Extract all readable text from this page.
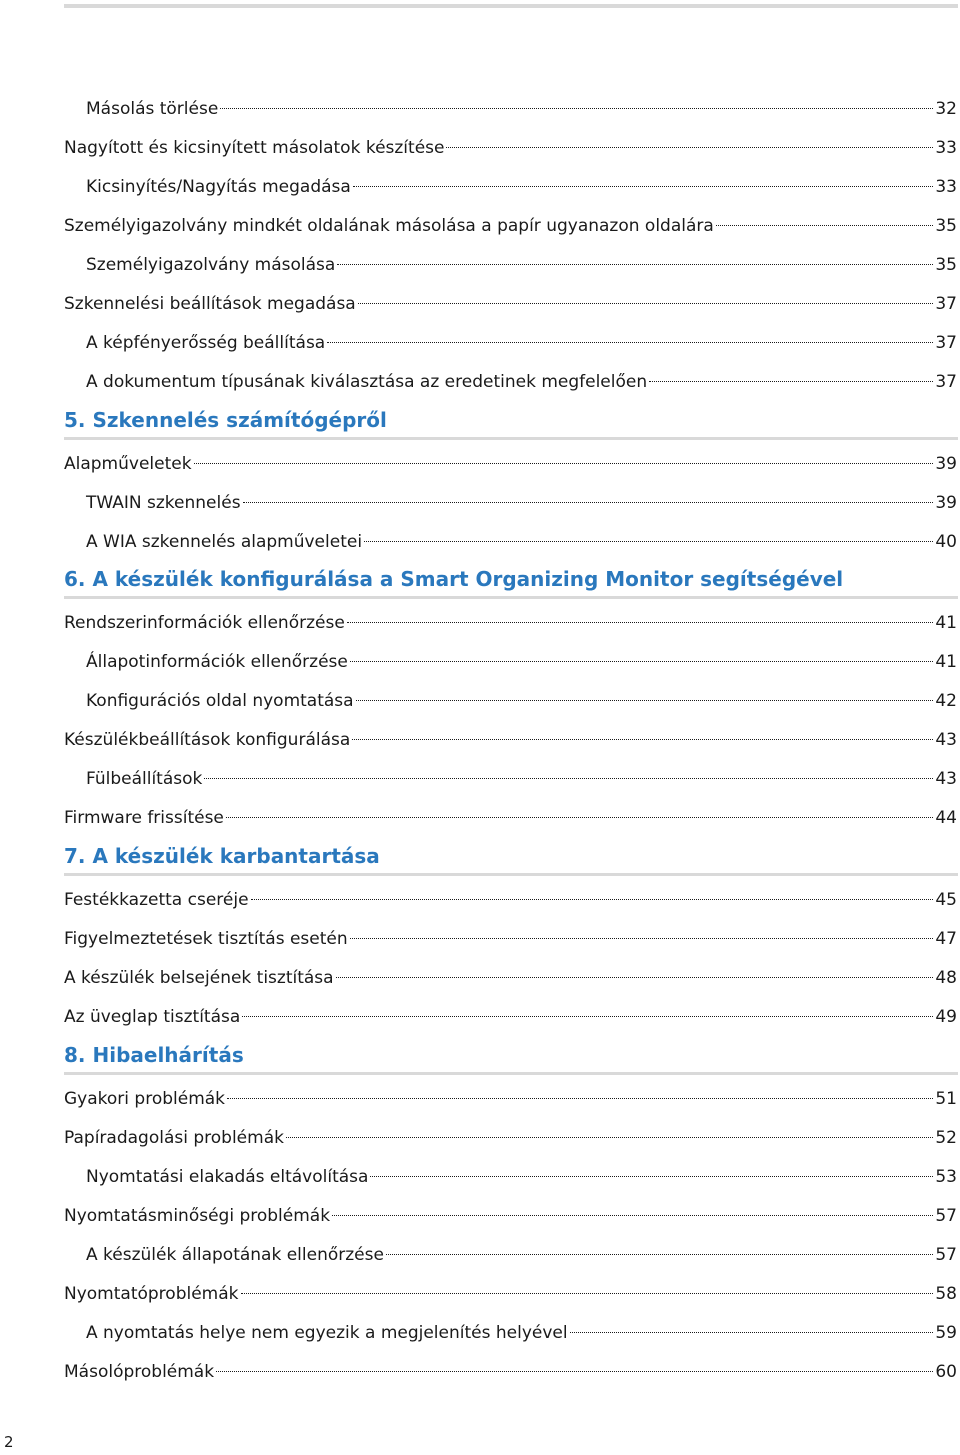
Másolás törlése	32
Nagyított és kicsinyített másolatok készítése	33
Kicsinyítés/Nagyítás megadása	33
Személyigazolvány mindkét oldalának másolása a papír ugyanazon oldalára	35
Személyigazolvány másolása	35
Szkennelési beállítások megadása	37
A képfényerősség beállítása	37
A dokumentum típusának kiválasztása az eredetinek megfelelően	37
5. Szkennelés számítógépről
Alapműveletek	39
TWAIN szkennelés	39
A WIA szkennelés alapműveletei	40
6. A készülék konfigurálása a Smart Organizing Monitor segítségével
Rendszerinformációk ellenőrzése	41
Állapotinformációk ellenőrzése	41
Konfigurációs oldal nyomtatása	42
Készülékbeállítások konfigurálása	43
Fülbeállítások	43
Firmware frissítése	44
7. A készülék karbantartása
Festékkazetta cseréje	45
Figyelmeztetések tisztítás esetén	47
A készülék belsejének tisztítása	48
Az üveglap tisztítása	49
8. Hibaelhárítás
Gyakori problémák	51
Papíradagolási problémák	52
Nyomtatási elakadás eltávolítása	53
Nyomtatásminőségi problémák	57
A készülék állapotának ellenőrzése	57
Nyomtatóproblémák	58
A nyomtatás helye nem egyezik a megjelenítés helyével	59
Másolóproblémák	60
2
